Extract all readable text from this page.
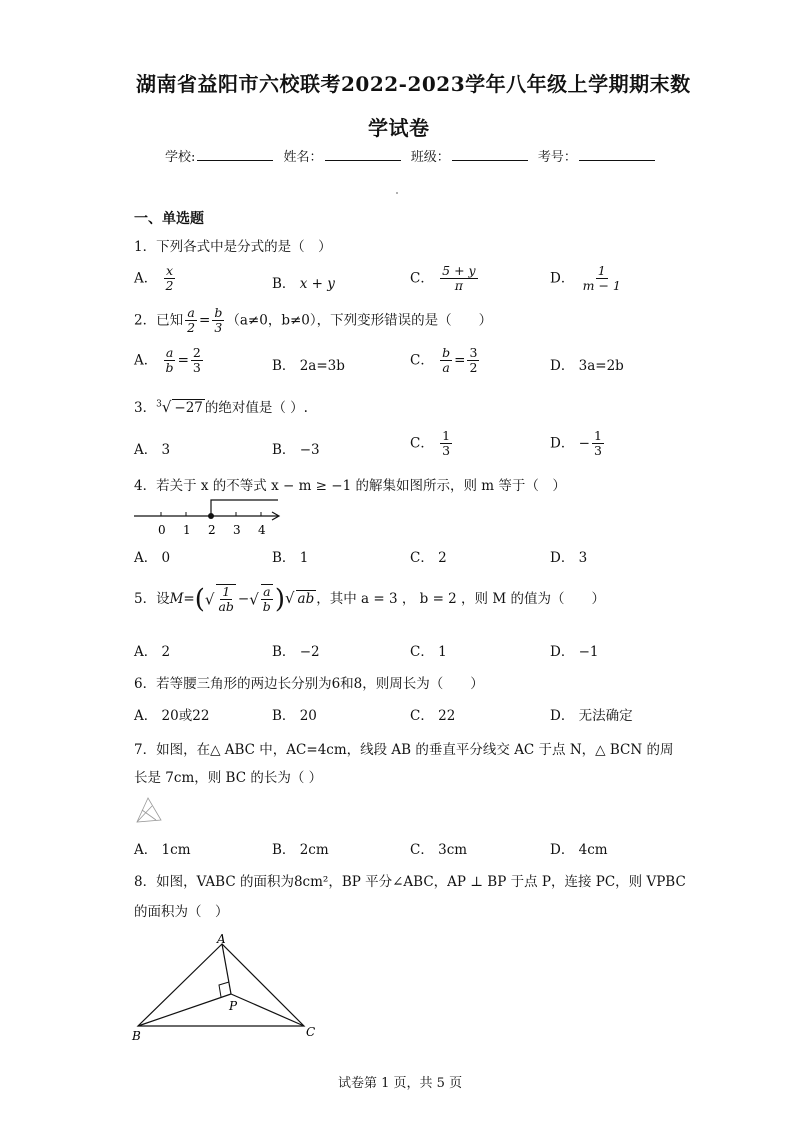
湖南省益阳市六校联考2022-2023学年八年级上学期期末数
学试卷
学校:	姓名：	班级：	考号：
一、单选题
1．下列各式中是分式的是（　）
A． $\frac{x}{2}$	B． x + y	C． $\frac{5 + y}{\pi}$	D． $\frac{1}{m - 1}$
2．已知 $\frac{a}{2} = \frac{b}{3} (a\ne 0$，b≠0），下列变形错误的是（　　）
A． $\frac{a}{b} = \frac{2}{3}$	B． 2a=3b	C． $\frac{b}{a} = \frac{3}{2}$	D． 3a=2b
3．$^3$√ −27 的绝对值是（ ）.
A． 3	B． −3	C． $\frac{1}{3}$	D． − $\frac{1}{3}$
4．若关于 x 的不等式 x − m ≥ −1 的解集如图所示，则 m 等于（　）
0 1 2 3 4
A． 0	B． 1	C． 2	D． 3
5．设$M=(√ \frac{1}{ab}$ −√ $\frac{a}{b}$ )√ ab ，其中 a = 3 ， b = 2 ，则 M 的值为（　　）
A． 2	B． −2	C． 1	D． −1
6．若等腰三角形的两边长分别为6和8，则周长为（　　）
A． 20或22	B． 20	C． 22	D． 无法确定
7．如图，在△ ABC 中，AC=4cm，线段 AB 的垂直平分线交 AC 于点 N，△ BCN 的周
长是 7cm，则 BC 的长为（ ）
A． 1cm	B． 2cm	C． 3cm	D． 4cm
8．如图，VABC 的面积为8cm²，BP 平分∠ABC，AP ⊥ BP 于点 P，连接 PC，则 VPBC
的面积为（　）
A
B	C
P
试卷第 1 页，共 5 页
